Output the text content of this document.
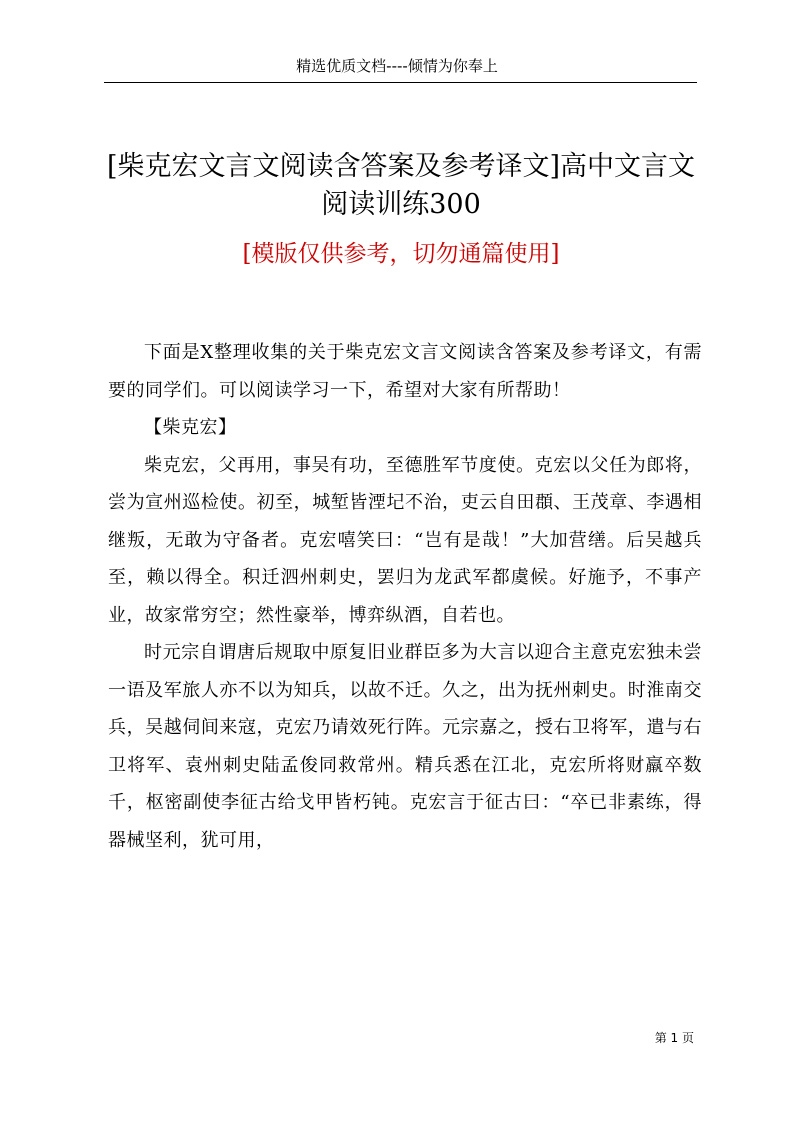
精选优质文档----倾情为你奉上
[柴克宏文言文阅读含答案及参考译文]高中文言文阅读训练300
[模版仅供参考，切勿通篇使用]

下面是X整理收集的关于柴克宏文言文阅读含答案及参考译文，有需要的同学们。可以阅读学习一下，希望对大家有所帮助！

【柴克宏】

柴克宏，父再用，事吴有功，至德胜军节度使。克宏以父任为郎将，尝为宣州巡检使。初至，城堑皆湮圮不治，吏云自田頵、王茂章、李遇相继叛，无敢为守备者。克宏嘻笑曰：“岂有是哉！”大加营缮。后吴越兵至，赖以得全。积迁泗州刺史，罢归为龙武军都虞候。好施予，不事产业，故家常穷空；然性豪举，博弈纵酒，自若也。

时元宗自谓唐后规取中原复旧业群臣多为大言以迎合主意克宏独未尝一语及军旅人亦不以为知兵，以故不迁。久之，出为抚州刺史。时淮南交兵，吴越伺间来寇，克宏乃请效死行阵。元宗嘉之，授右卫将军，遣与右卫将军、袁州刺史陆孟俊同救常州。精兵悉在江北，克宏所将财羸卒数千，枢密副使李征古给戈甲皆朽钝。克宏言于征古曰：“卒已非素练，得器械坚利，犹可用，

第 1 页
